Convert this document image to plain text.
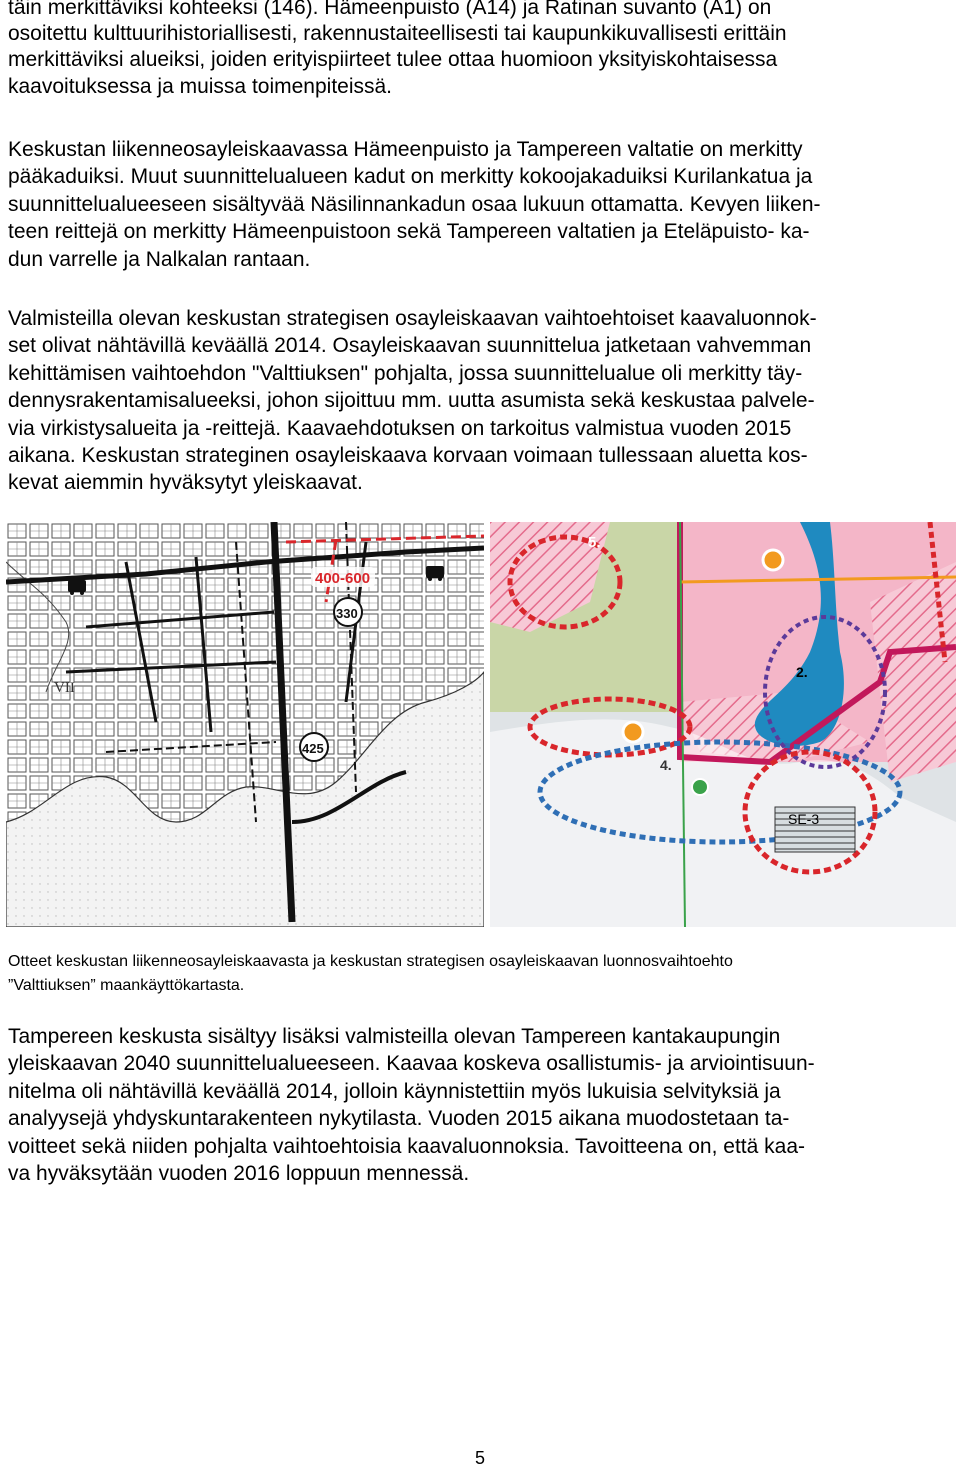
täin merkittäviksi kohteeksi (146). Hämeenpuisto (A14) ja Ratinan suvanto (A1) on
osoitettu kulttuurihistoriallisesti, rakennustaiteellisesti tai kaupunkikuvallisesti erittäin
merkittäviksi alueiksi, joiden erityispiirteet tulee ottaa huomioon yksityiskohtaisessa
kaavoituksessa ja muissa toimenpiteissä.
Keskustan liikenneosayleiskaavassa Hämeenpuisto ja Tampereen valtatie on merkitty
pääkaduiksi. Muut suunnittelualueen kadut on merkitty kokoojakaduiksi Kurilankatua ja
suunnittelualueeseen sisältyvää Näsilinnankadun osaa lukuun ottamatta. Kevyen liiken-
teen reittejä on merkitty Hämeenpuistoon sekä Tampereen valtatien ja Eteläpuisto- ka-
dun varrelle ja Nalkalan rantaan.
Valmisteilla olevan keskustan strategisen osayleiskaavan vaihtoehtoiset kaavaluonnok-
set olivat nähtävillä keväällä 2014. Osayleiskaavan suunnittelua jatketaan vahvemman
kehittämisen vaihtoehdon "Valttiuksen" pohjalta, jossa suunnittelualue oli merkitty täy-
dennysrakentamisalueeksi, johon sijoittuu mm. uutta asumista sekä keskustaa palvele-
via virkistysalueita ja -reittejä. Kaavaehdotuksen on tarkoitus valmistua vuoden 2015
aikana. Keskustan strateginen osayleiskaava korvaan voimaan tullessaan aluetta kos-
kevat aiemmin hyväksytyt yleiskaavat.
400-600
330
425
VII
5.
2.
4.
SE-3
Otteet keskustan liikenneosayleiskaavasta ja keskustan strategisen osayleiskaavan luonnosvaihtoehto
”Valttiuksen” maankäyttökartasta.
Tampereen keskusta sisältyy lisäksi valmisteilla olevan Tampereen kantakaupungin
yleiskaavan 2040 suunnittelualueeseen. Kaavaa koskeva osallistumis- ja arviointisuun-
nitelma oli nähtävillä keväällä 2014, jolloin käynnistettiin myös lukuisia selvityksiä ja
analyysejä yhdyskuntarakenteen nykytilasta. Vuoden 2015 aikana muodostetaan ta-
voitteet sekä niiden pohjalta vaihtoehtoisia kaavaluonnoksia. Tavoitteena on, että kaa-
va hyväksytään vuoden 2016 loppuun mennessä.
5
